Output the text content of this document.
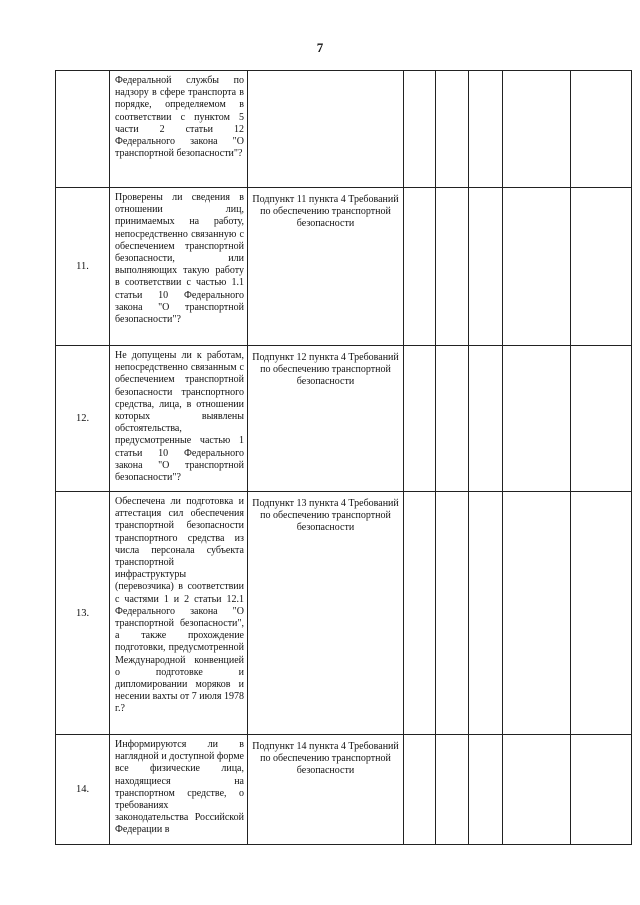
7

	Федеральной службы по надзору в сфере транспорта в порядке, определяемом в соответствии с пунктом 5 части 2 статьи 12 Федерального закона "О транспортной безопасности"?						

11.	Проверены ли сведения в отношении лиц, принимаемых на работу, непосредственно связанную с обеспечением транспортной безопасности, или выполняющих такую работу в соответствии с частью 1.1 статьи 10 Федерального закона "О транспортной безопасности"?	Подпункт 11 пункта 4 Требований по обеспечению транспортной безопасности					
12.	Не допущены ли к работам, непосредственно связанным с обеспечением транспортной безопасности транспортного средства, лица, в отношении которых выявлены обстоятельства, предусмотренные частью 1 статьи 10 Федерального закона "О транспортной безопасности"?	Подпункт 12 пункта 4 Требований по обеспечению транспортной безопасности					
13.	Обеспечена ли подготовка и аттестация сил обеспечения транспортной безопасности транспортного средства из числа персонала субъекта транспортной инфраструктуры (перевозчика) в соответствии с частями 1 и 2 статьи 12.1 Федерального закона "О транспортной безопасности", а также прохождение подготовки, предусмотренной Международной конвенцией о подготовке и дипломировании моряков и несении вахты от 7 июля 1978 г.?	Подпункт 13 пункта 4 Требований по обеспечению транспортной безопасности					
14.	Информируются ли в наглядной и доступной форме все физические лица, находящиеся на транспортном средстве, о требованиях законодательства Российской Федерации в	Подпункт 14 пункта 4 Требований по обеспечению транспортной безопасности					
